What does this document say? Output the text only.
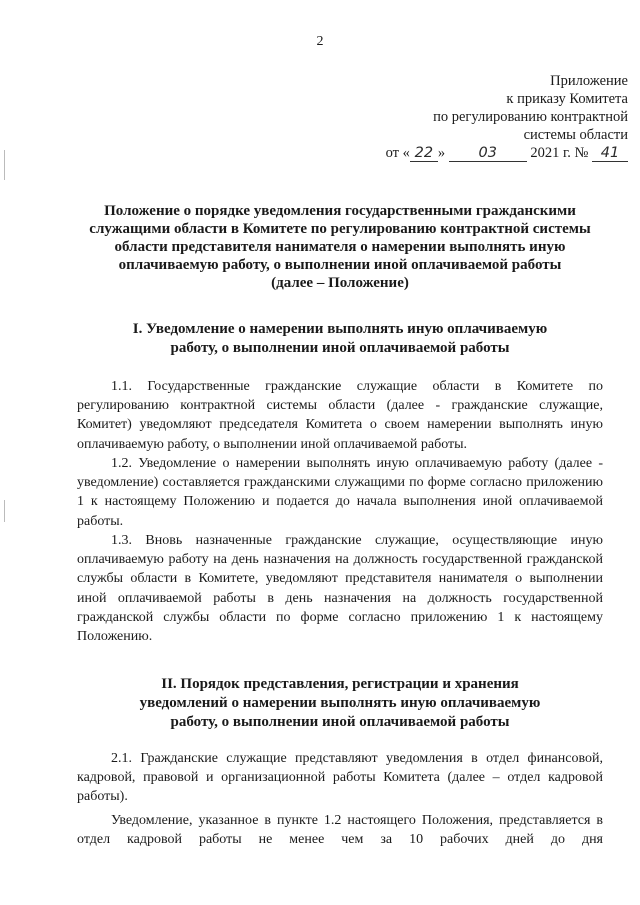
2
Приложение
к приказу Комитета
по регулированию контрактной
системы области
от « 22 » 03 2021 г. № 41
Положение о порядке уведомления государственными гражданскими
служащими области в Комитете по регулированию контрактной системы
области представителя нанимателя о намерении выполнять иную
оплачиваемую работу, о выполнении иной оплачиваемой работы
(далее – Положение)
I. Уведомление о намерении выполнять иную оплачиваемую
работу, о выполнении иной оплачиваемой работы

1.1. Государственные гражданские служащие области в Комитете по регулированию контрактной системы области (далее - гражданские служащие, Комитет) уведомляют председателя Комитета о своем намерении выполнять иную оплачиваемую работу, о выполнении иной оплачиваемой работы.

1.2. Уведомление о намерении выполнять иную оплачиваемую работу (далее - уведомление) составляется гражданскими служащими по форме согласно приложению 1 к настоящему Положению и подается до начала выполнения иной оплачиваемой работы.

1.3. Вновь назначенные гражданские служащие, осуществляющие иную оплачиваемую работу на день назначения на должность государственной гражданской службы области в Комитете, уведомляют представителя нанимателя о выполнении иной оплачиваемой работы в день назначения на должность государственной гражданской службы области по форме согласно приложению 1 к настоящему Положению.

II. Порядок представления, регистрации и хранения
уведомлений о намерении выполнять иную оплачиваемую
работу, о выполнении иной оплачиваемой работы

2.1. Гражданские служащие представляют уведомления в отдел финансовой, кадровой, правовой и организационной работы Комитета (далее – отдел кадровой работы).

Уведомление, указанное в пункте 1.2 настоящего Положения, представляется в отдел кадровой работы не менее чем за 10 рабочих дней до дня
